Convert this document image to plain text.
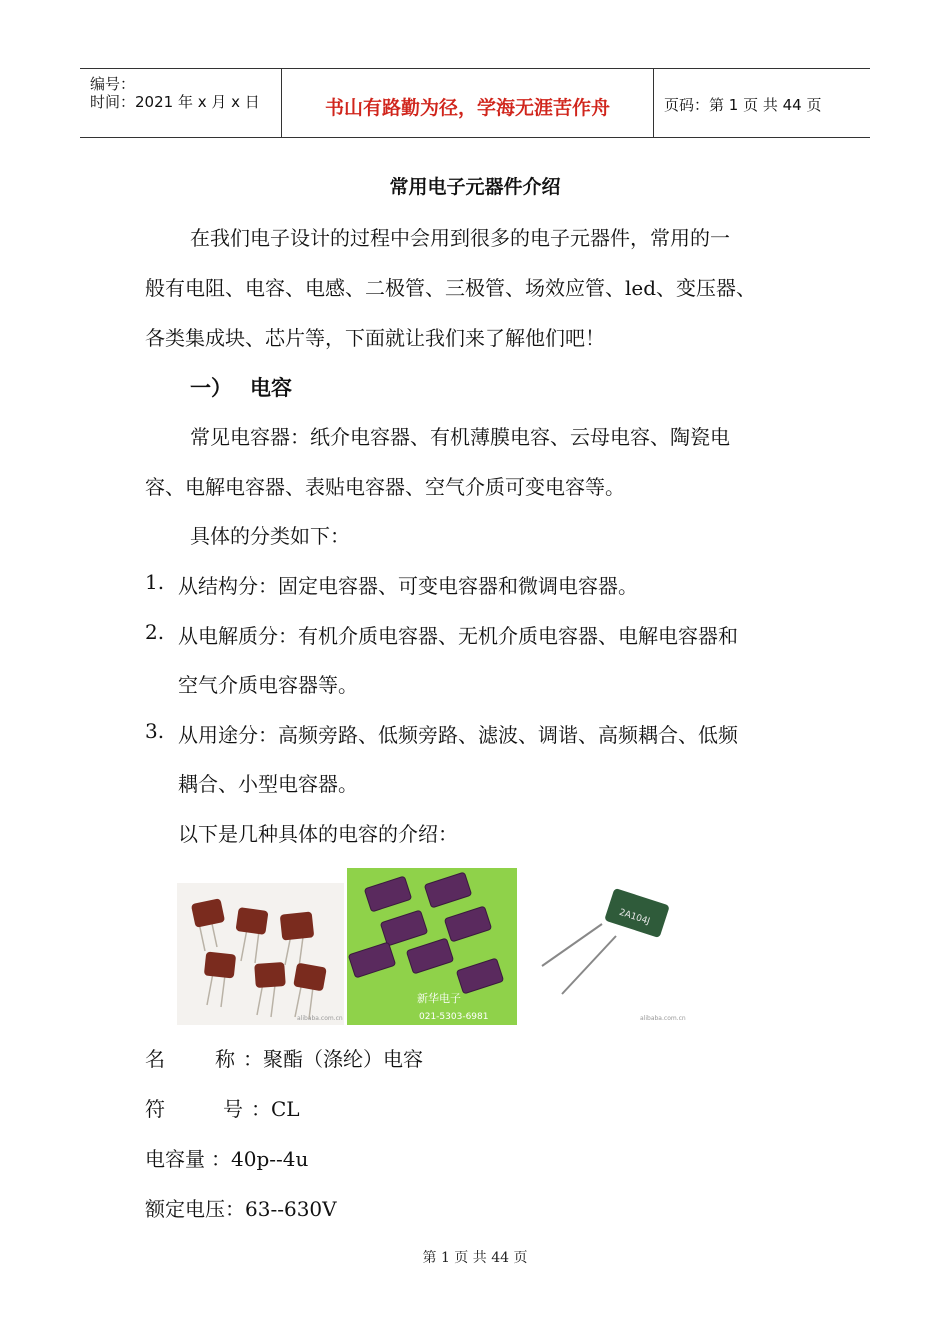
编号：
时间：2021 年 x 月 x 日	书山有路勤为径，学海无涯苦作舟	页码：第 1 页 共 44 页
常用电子元器件介绍
在我们电子设计的过程中会用到很多的电子元器件，常用的一
般有电阻、电容、电感、二极管、三极管、场效应管、led、变压器、
各类集成块、芯片等，下面就让我们来了解他们吧！
一） 电容
常见电容器：纸介电容器、有机薄膜电容、云母电容、陶瓷电
容、电解电容器、表贴电容器、空气介质可变电容等。
具体的分类如下：
1. 从结构分：固定电容器、可变电容器和微调电容器。
2. 从电解质分：有机介质电容器、无机介质电容器、电解电容器和
空气介质电容器等。
3. 从用途分：高频旁路、低频旁路、滤波、调谐、高频耦合、低频
耦合、小型电容器。
以下是几种具体的电容的介绍：
alibaba.com.cn
新华电子
021-5303-6981
2A104J
alibaba.com.cn
名	称 ：聚酯（涤纶）电容
符	号 ：CL
电容量 ：40p--4u
额定电压：63--630V
第 1 页 共 44 页
